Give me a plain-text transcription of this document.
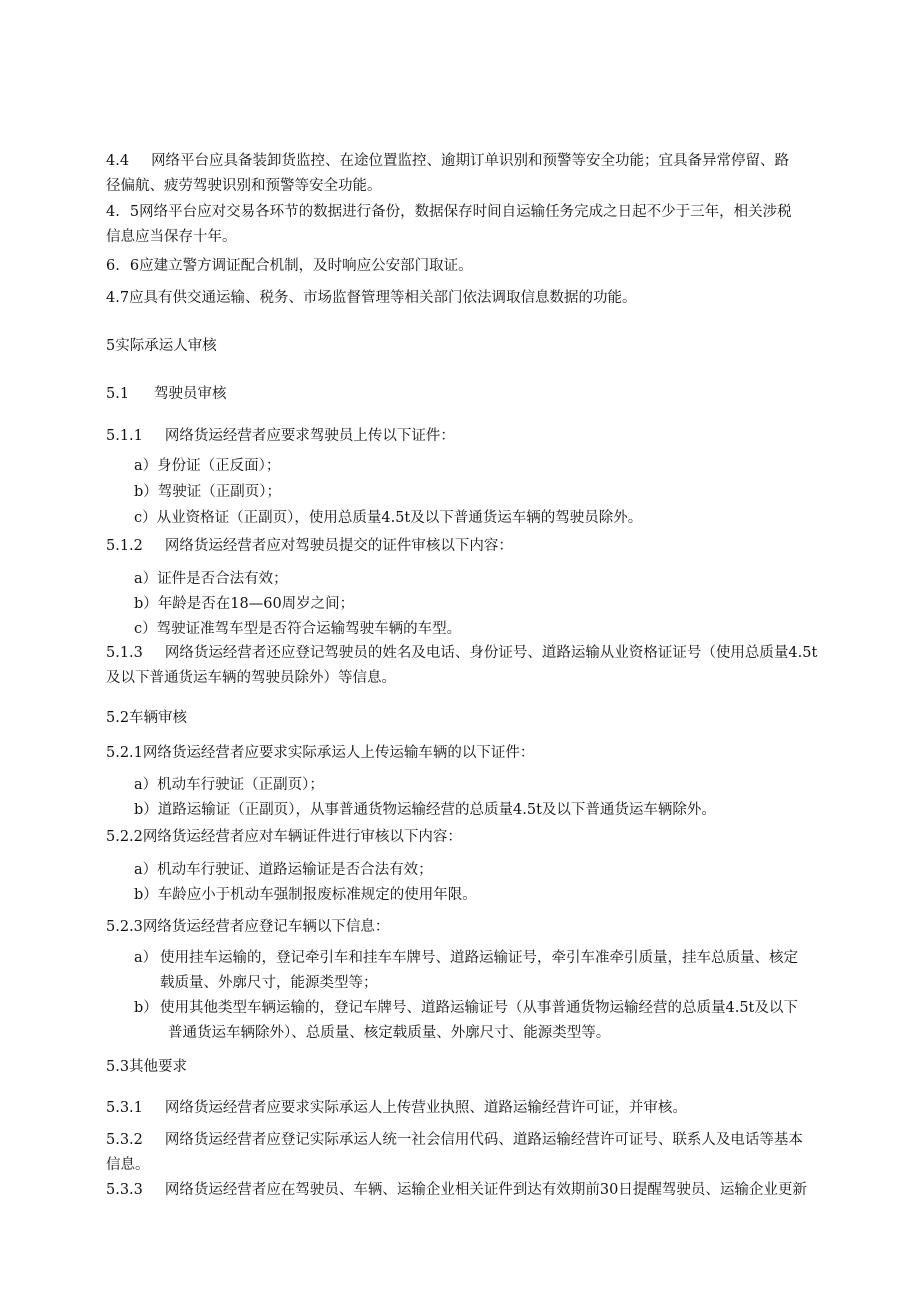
4.4 网络平台应具备装卸货监控、在途位置监控、逾期订单识别和预警等安全功能；宜具备异常停留、路
径偏航、疲劳驾驶识别和预警等安全功能。
4. 5网络平台应对交易各环节的数据进行备份，数据保存时间自运输任务完成之日起不少于三年，相关涉税
信息应当保存十年。
6. 6应建立警方调证配合机制，及时响应公安部门取证。
4.7应具有供交通运输、税务、市场监督管理等相关部门依法调取信息数据的功能。
5实际承运人审核
5.1 驾驶员审核
5.1.1 网络货运经营者应要求驾驶员上传以下证件：
a）身份证（正反面）；
b）驾驶证（正副页）；
c）从业资格证（正副页），使用总质量4.5t及以下普通货运车辆的驾驶员除外。
5.1.2 网络货运经营者应对驾驶员提交的证件审核以下内容：
a）证件是否合法有效；
b）年龄是否在18—60周岁之间；
c）驾驶证准驾车型是否符合运输驾驶车辆的车型。
5.1.3 网络货运经营者还应登记驾驶员的姓名及电话、身份证号、道路运输从业资格证证号（使用总质量4.5t
及以下普通货运车辆的驾驶员除外）等信息。
5.2车辆审核
5.2.1网络货运经营者应要求实际承运人上传运输车辆的以下证件：
a）机动车行驶证（正副页）；
b）道路运输证（正副页），从事普通货物运输经营的总质量4.5t及以下普通货运车辆除外。
5.2.2网络货运经营者应对车辆证件进行审核以下内容：
a）机动车行驶证、道路运输证是否合法有效；
b）车龄应小于机动车强制报废标准规定的使用年限。
5.2.3网络货运经营者应登记车辆以下信息：
a） 使用挂车运输的，登记牵引车和挂车车牌号、道路运输证号，牵引车准牵引质量，挂车总质量、核定
载质量、外廓尺寸，能源类型等；
b） 使用其他类型车辆运输的，登记车牌号、道路运输证号（从事普通货物运输经营的总质量4.5t及以下
普通货运车辆除外）、总质量、核定载质量、外廓尺寸、能源类型等。
5.3其他要求
5.3.1 网络货运经营者应要求实际承运人上传营业执照、道路运输经营许可证，并审核。
5.3.2 网络货运经营者应登记实际承运人统一社会信用代码、道路运输经营许可证号、联系人及电话等基本
信息。
5.3.3 网络货运经营者应在驾驶员、车辆、运输企业相关证件到达有效期前30日提醒驾驶员、运输企业更新
